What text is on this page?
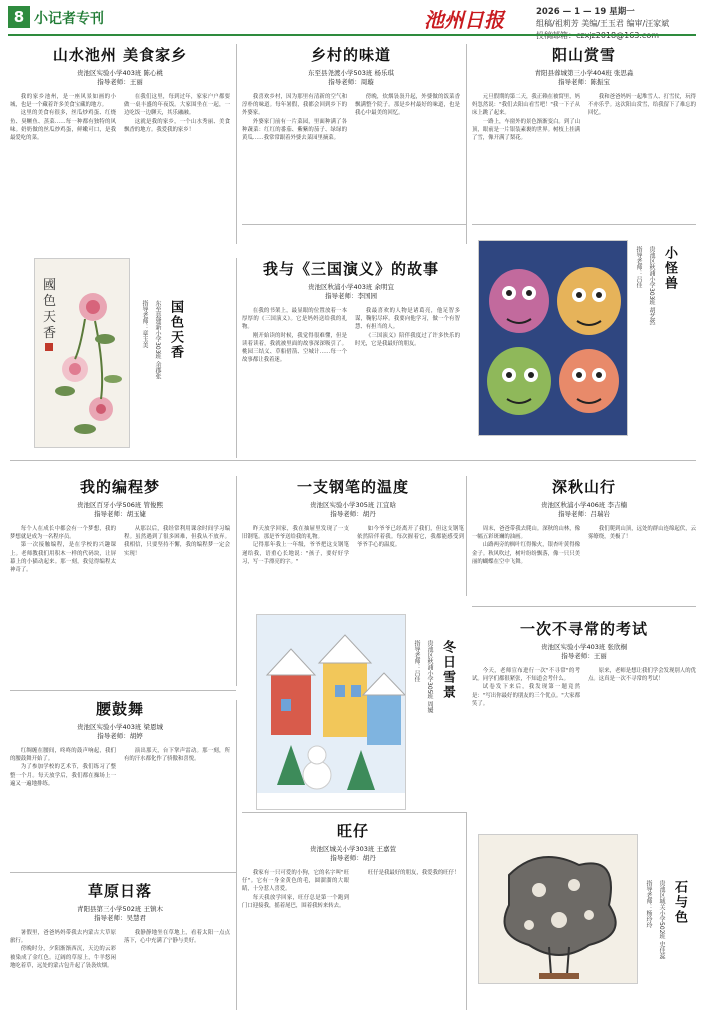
8 小记者专刊	池州日报	2026 — 1 — 19 星期一
组稿/祖莉芳 美编/王玉君 编审/汪家斌
山水池州 美食家乡
贵池区实验小学403班 陈心桃
指导老师：王丽

我的家乡池州，是一座风景如画的小城，也是一个藏着许多美食宝藏的地方。

这里的美食有很多，丝瓜炒鸡蛋、红烧鱼、臭鳜鱼、蒸菜……每一种都有独特的风味。奶奶做的丝瓜炒鸡蛋，鲜嫩可口，是我最爱吃的菜。

在我们这里，每到过年，家家户户都要做一桌丰盛的年夜饭。大家围坐在一起，一边吃饭一边聊天，其乐融融。

这就是我的家乡，一个山水秀丽、美食飘香的地方。我爱我的家乡！

乡村的味道
东至县尧渡小学503班 杨乐琪
指导老师：周璇

我喜欢乡村，因为那里有清新的空气和淳朴的味道。每年暑假，我都会回到乡下的外婆家。

外婆家门前有一片菜园，里面种满了各种蔬菜：红红的番茄、紫紫的茄子、绿绿的黄瓜……我常常跟着外婆去菜园里摘菜。

傍晚，炊烟袅袅升起，外婆做的饭菜香飘满整个院子。那是乡村最好的味道，也是我心中最美的回忆。

阳山赏雪
青阳县蓉城第三小学404班 张思淼
指导老师：陈振宝

元旦假期的第二天，我正赖在被窝里，妈妈忽然说："我们去阳山看雪吧！"我一下子从床上跳了起来。

一路上，车窗外的景色渐渐变白。到了山顶，眼前是一片银装素裹的世界。树枝上挂满了雪，像开满了梨花。

我和爸爸妈妈一起堆雪人、打雪仗，玩得不亦乐乎。这次阳山赏雪，给我留下了难忘的回忆。

國
色
天
香	国色天香
东至县建新小学303班 余郡张
指导老师：章玉美
我与《三国演义》的故事
贵池区秋浦小学403班 余明宜
指导老师：李国园

在我的书架上，最显眼的位置放着一本厚厚的《三国演义》。它是妈妈送给我的礼物。

刚开始读的时候，我觉得很难懂，但是读着读着，我就被里面的故事深深吸引了。桃园三结义、草船借箭、空城计……每一个故事都让我着迷。

我最喜欢的人物是诸葛亮，他足智多谋，鞠躬尽瘁。我要向他学习，做一个有智慧、有担当的人。

《三国演义》陪伴我度过了许多快乐的时光，它是我最好的朋友。

小怪兽
贵池区秋浦小学303班 胡艺然
指导老师：吕佳
我的编程梦
贵池区百牙小学506班 管俊熙
指导老师：胡玉婕

每个人在成长中都会有一个梦想，我的梦想就是成为一名程序员。

第一次接触编程，是在学校的兴趣课上。老师教我们用积木一样的代码块，让屏幕上的小猫动起来。那一刻，我觉得编程太神奇了。

从那以后，我经常利用课余时间学习编程。虽然遇到了很多困难，但我从不放弃。我相信，只要坚持不懈，我的编程梦一定会实现！

一支钢笔的温度
贵池区实验小学305班 江宜晗
指导老师：胡丹

昨天放学回家，我在抽屉里发现了一支旧钢笔。那是爷爷送给我的礼物。

记得那年我上一年级，爷爷把这支钢笔递给我，语重心长地说："孩子，要好好学习，写一手漂亮的字。"

如今爷爷已经离开了我们，但这支钢笔依然陪伴着我。每次握着它，我都能感受到爷爷手心的温度。

深秋山行
贵池区秋浦小学406班 李吉楠
指导老师：吕瑞岩

周末，爸爸带我去爬山。深秋的山林，像一幅五彩斑斓的油画。

山路两旁的枫叶红得像火，银杏叶黄得像金子。秋风吹过，树叶纷纷飘落，像一只只美丽的蝴蝶在空中飞舞。

我们爬到山顶，远处的群山连绵起伏，云雾缭绕，美极了！

一次不寻常的考试
贵池区实验小学403班 张欣桐
指导老师：王丽

今天，老师宣布进行一次"不寻常"的考试。同学们都很紧张，不知道会考什么。

试卷发下来后，我发现第一题竟然是："写出你最好的朋友的三个优点。"大家都笑了。

原来，老师是想让我们学会发现别人的优点。这真是一次不寻常的考试！

冬日雪景
贵池区秋浦小学305班 周媛
指导老师：吕佳
腰鼓舞
贵池区实验小学403班 梁恩城
指导老师：胡婷

红绸缠在腰间，咚咚的鼓声响起，我们的腰鼓舞开始了。

为了参加学校的艺术节，我们练习了整整一个月。每天放学后，我们都在操场上一遍又一遍地排练。

演出那天，台下掌声雷动。那一刻，所有的汗水都化作了骄傲和喜悦。

草原日落
青阳县第三小学502班 王镇木
指导老师：吴慧君

暑假里，爸爸妈妈带我去内蒙古大草原旅行。

傍晚时分，夕阳渐渐西沉，天边的云彩被染成了金红色。辽阔的草原上，牛羊悠闲地吃着草，远处的蒙古包升起了袅袅炊烟。

我静静地坐在草地上，看着太阳一点点落下，心中充满了宁静与美好。

旺仔
贵池区城关小学303班 王嘉萱
指导老师：胡丹

我家有一只可爱的小狗，它的名字叫"旺仔"。它有一身金黄色的毛，圆溜溜的大眼睛，十分惹人喜爱。

每天我放学回家，旺仔总是第一个跑到门口迎接我，摇着尾巴，围着我转来转去。

旺仔是我最好的朋友，我爱我的旺仔！

石与色
贵池区城关小学502班 史佳蕊
指导老师：杨玲玲
